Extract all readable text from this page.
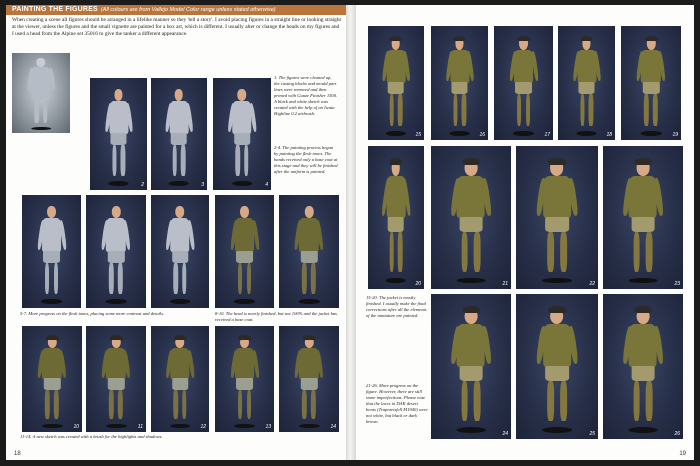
PAINTING THE FIGURES (All colours are from Vallejo Model Color range unless stated otherwise)
When creating a scene all figures should be arranged in a lifelike manner so they 'tell a story'. I avoid placing figures in a straight line or looking straight at the viewer, unless the figures and the small vignette are painted for a box art, which is different. I usually alter or change the heads on my figures and I used a head from the Alpine set 35016 to give the tanker a different appearance.
2	3	4
1. The figures were cleaned up, the casting blocks and mould part lines were removed and then primed with Gunze Finisher 1500. A black and white sketch was created with the help of an Iwata Highline 0.2 airbrush.
2-4. The painting process began by painting the flesh tones. The hands received only a base coat at this stage and they will be finished after the uniform is painted.
5-7. More progress on the flesh tones, placing some more contrast and details.	8-10. The head is nearly finished, but not 100% and the jacket has received a base coat.
10	11	12	13	14
11-14. A new sketch was created with a brush for the highlights and shadows.
18
15	16	17	18	19
20	21	22	23
15-20. The jacket is mostly finished. I usually make the final corrections after all the elements of the miniature are painted.
21-26. More progress on the figure. However, there are still some imperfections. Please note that the laces in DAK desert boots (Trapezeisfell M1940) were not white, but black or dark brown.
24	25	26
19
